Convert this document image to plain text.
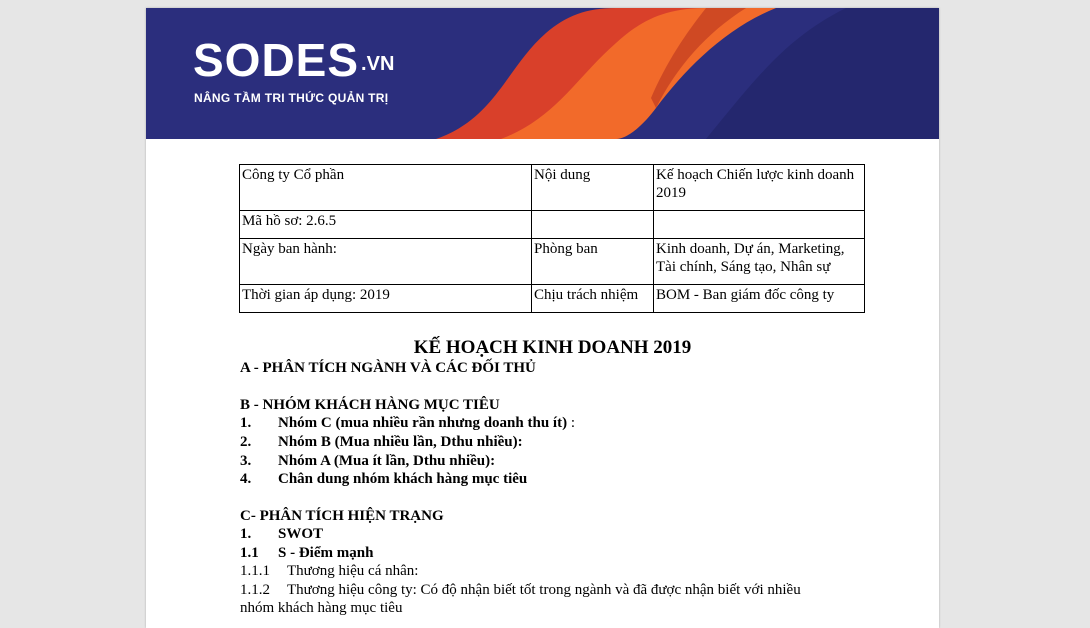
SODES $^{.VN}$
NÂNG TẦM TRI THỨC QUẢN TRỊ
Công ty Cổ phần	Nội dung	Kế hoạch Chiến lược kinh doanh 2019
Mã hồ sơ: 2.6.5		
Ngày ban hành:	Phòng ban	Kinh doanh, Dự án, Marketing, Tài chính, Sáng tạo, Nhân sự
Thời gian áp dụng: 2019	Chịu trách nhiệm	BOM - Ban giám đốc công ty
KẾ HOẠCH KINH DOANH 2019
A - PHÂN TÍCH NGÀNH VÀ CÁC ĐỐI THỦ
B - NHÓM KHÁCH HÀNG MỤC TIÊU
1. Nhóm C (mua nhiều rần nhưng doanh thu ít) :
2. Nhóm B (Mua nhiều lần, Dthu nhiều):
3. Nhóm A (Mua ít lần, Dthu nhiều):
4. Chân dung nhóm khách hàng mục tiêu
C- PHÂN TÍCH HIỆN TRẠNG
1. SWOT
1.1 S - Điểm mạnh
1.1.1 Thương hiệu cá nhân:
1.1.2 Thương hiệu công ty: Có độ nhận biết tốt trong ngành và đã được nhận biết với nhiều
nhóm khách hàng mục tiêu
